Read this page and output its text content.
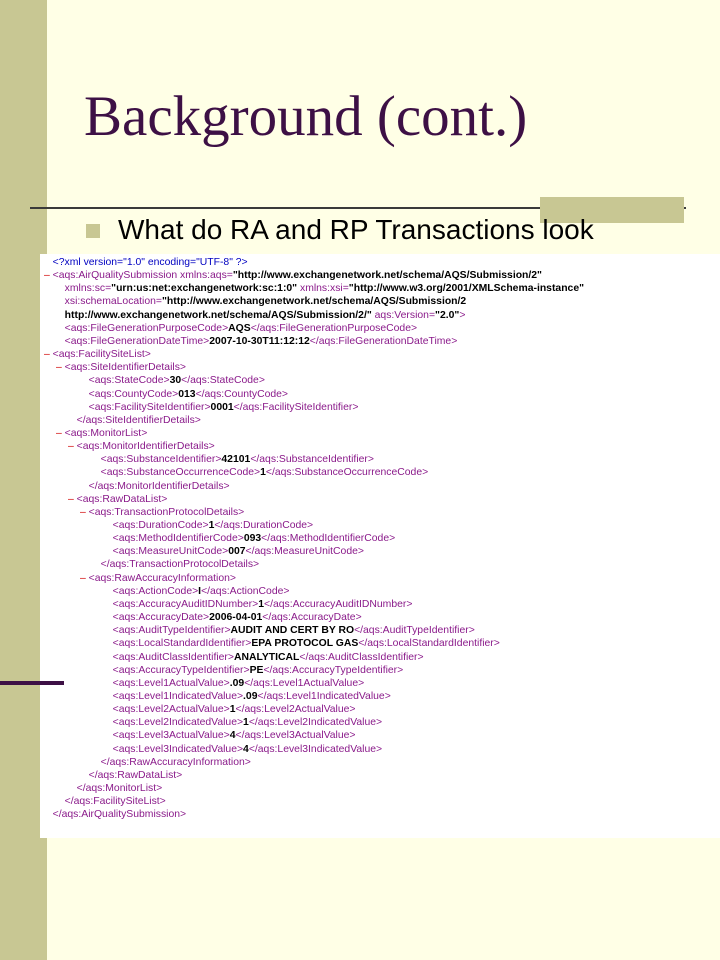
Background (cont.)
What do RA and RP Transactions look
<?xml version="1.0" encoding="UTF-8" ?>
– <aqs:AirQualitySubmission xmlns:aqs="http://www.exchangenetwork.net/schema/AQS/Submission/2"
xmlns:sc="urn:us:net:exchangenetwork:sc:1:0" xmlns:xsi="http://www.w3.org/2001/XMLSchema-instance"
xsi:schemaLocation="http://www.exchangenetwork.net/schema/AQS/Submission/2
http://www.exchangenetwork.net/schema/AQS/Submission/2/" aqs:Version="2.0">
<aqs:FileGenerationPurposeCode>AQS</aqs:FileGenerationPurposeCode>
<aqs:FileGenerationDateTime>2007-10-30T11:12:12</aqs:FileGenerationDateTime>
– <aqs:FacilitySiteList>
– <aqs:SiteIdentifierDetails>
<aqs:StateCode>30</aqs:StateCode>
<aqs:CountyCode>013</aqs:CountyCode>
<aqs:FacilitySiteIdentifier>0001</aqs:FacilitySiteIdentifier>
</aqs:SiteIdentifierDetails>
– <aqs:MonitorList>
– <aqs:MonitorIdentifierDetails>
<aqs:SubstanceIdentifier>42101</aqs:SubstanceIdentifier>
<aqs:SubstanceOccurrenceCode>1</aqs:SubstanceOccurrenceCode>
</aqs:MonitorIdentifierDetails>
– <aqs:RawDataList>
– <aqs:TransactionProtocolDetails>
<aqs:DurationCode>1</aqs:DurationCode>
<aqs:MethodIdentifierCode>093</aqs:MethodIdentifierCode>
<aqs:MeasureUnitCode>007</aqs:MeasureUnitCode>
</aqs:TransactionProtocolDetails>
– <aqs:RawAccuracyInformation>
<aqs:ActionCode>I</aqs:ActionCode>
<aqs:AccuracyAuditIDNumber>1</aqs:AccuracyAuditIDNumber>
<aqs:AccuracyDate>2006-04-01</aqs:AccuracyDate>
<aqs:AuditTypeIdentifier>AUDIT AND CERT BY RO</aqs:AuditTypeIdentifier>
<aqs:LocalStandardIdentifier>EPA PROTOCOL GAS</aqs:LocalStandardIdentifier>
<aqs:AuditClassIdentifier>ANALYTICAL</aqs:AuditClassIdentifier>
<aqs:AccuracyTypeIdentifier>PE</aqs:AccuracyTypeIdentifier>
<aqs:Level1ActualValue>.09</aqs:Level1ActualValue>
<aqs:Level1IndicatedValue>.09</aqs:Level1IndicatedValue>
<aqs:Level2ActualValue>1</aqs:Level2ActualValue>
<aqs:Level2IndicatedValue>1</aqs:Level2IndicatedValue>
<aqs:Level3ActualValue>4</aqs:Level3ActualValue>
<aqs:Level3IndicatedValue>4</aqs:Level3IndicatedValue>
</aqs:RawAccuracyInformation>
</aqs:RawDataList>
</aqs:MonitorList>
</aqs:FacilitySiteList>
</aqs:AirQualitySubmission>
